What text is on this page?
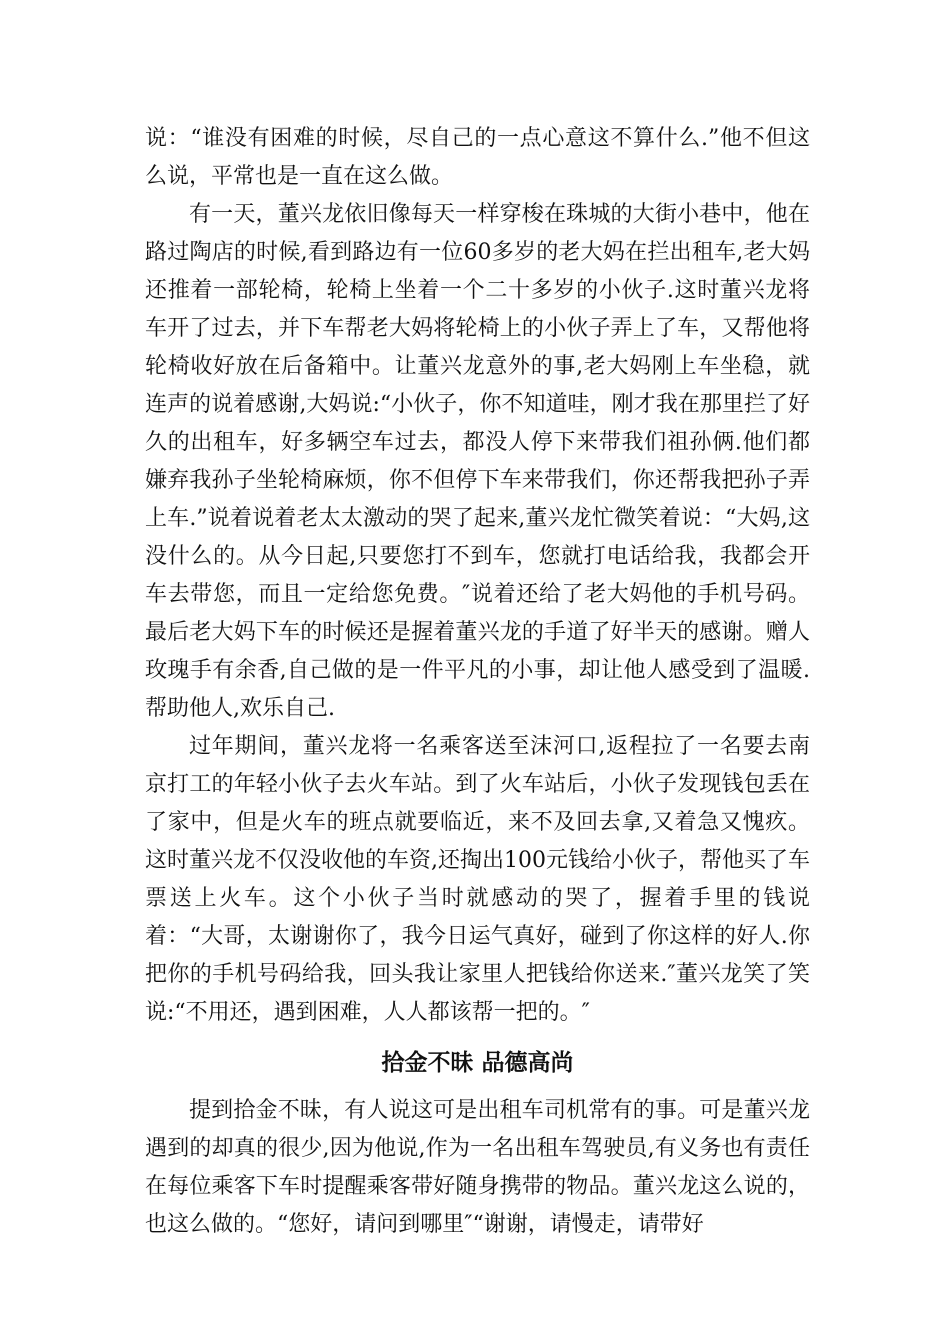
说：“谁没有困难的时候，尽自己的一点心意这不算什么.”他不但这么说，平常也是一直在这么做。

有一天，董兴龙依旧像每天一样穿梭在珠城的大街小巷中，他在路过陶店的时候,看到路边有一位60多岁的老大妈在拦出租车,老大妈还推着一部轮椅，轮椅上坐着一个二十多岁的小伙子.这时董兴龙将车开了过去，并下车帮老大妈将轮椅上的小伙子弄上了车，又帮他将轮椅收好放在后备箱中。让董兴龙意外的事,老大妈刚上车坐稳，就连声的说着感谢,大妈说:“小伙子，你不知道哇，刚才我在那里拦了好久的出租车，好多辆空车过去，都没人停下来带我们祖孙俩.他们都嫌弃我孙子坐轮椅麻烦，你不但停下车来带我们，你还帮我把孙子弄上车.”说着说着老太太激动的哭了起来,董兴龙忙微笑着说：“大妈,这没什么的。从今日起,只要您打不到车，您就打电话给我，我都会开车去带您，而且一定给您免费。″说着还给了老大妈他的手机号码。最后老大妈下车的时候还是握着董兴龙的手道了好半天的感谢。赠人玫瑰手有余香,自己做的是一件平凡的小事，却让他人感受到了温暖.帮助他人,欢乐自己.

过年期间，董兴龙将一名乘客送至沫河口,返程拉了一名要去南京打工的年轻小伙子去火车站。到了火车站后，小伙子发现钱包丢在了家中，但是火车的班点就要临近，来不及回去拿,又着急又愧疚。这时董兴龙不仅没收他的车资,还掏出100元钱给小伙子，帮他买了车票送上火车。这个小伙子当时就感动的哭了，握着手里的钱说着：“大哥，太谢谢你了，我今日运气真好，碰到了你这样的好人.你把你的手机号码给我，回头我让家里人把钱给你送来.″董兴龙笑了笑说:“不用还，遇到困难，人人都该帮一把的。″

拾金不昧 品德高尚

提到拾金不昧，有人说这可是出租车司机常有的事。可是董兴龙遇到的却真的很少,因为他说,作为一名出租车驾驶员,有义务也有责任在每位乘客下车时提醒乘客带好随身携带的物品。董兴龙这么说的，也这么做的。“您好，请问到哪里″“谢谢，请慢走，请带好
